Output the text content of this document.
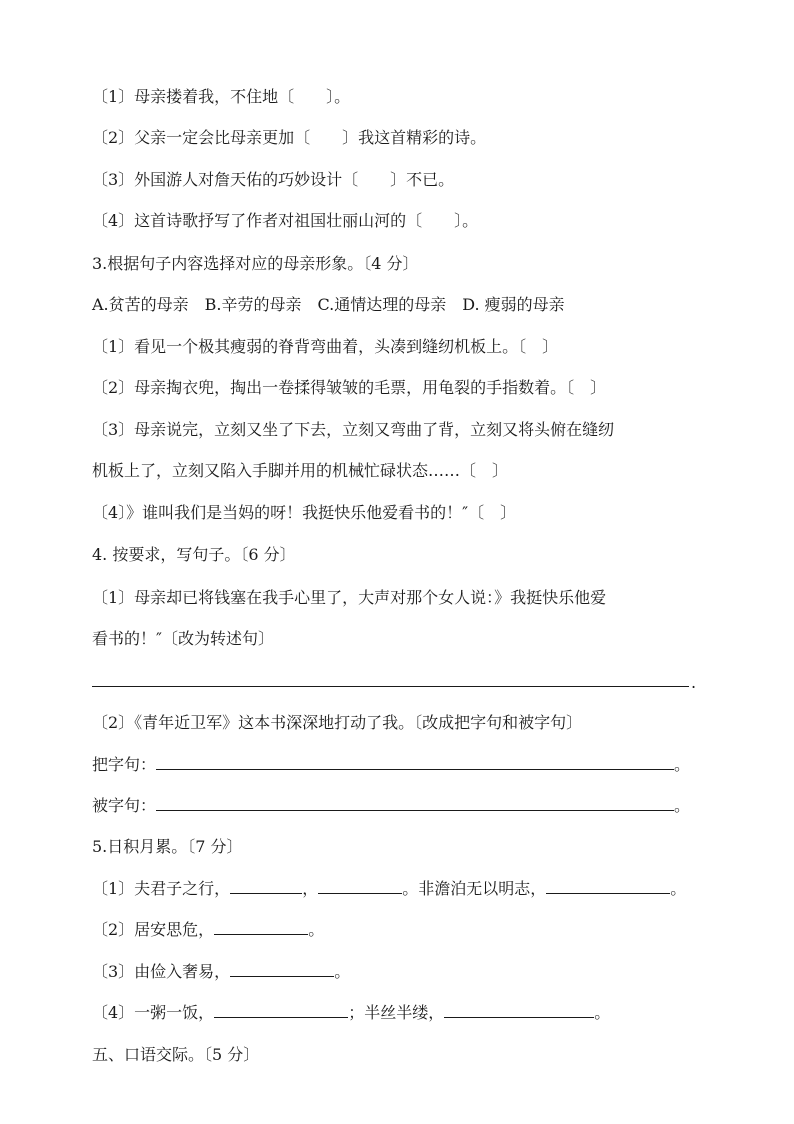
〔1〕母亲搂着我，不住地〔　　〕。
〔2〕父亲一定会比母亲更加〔　　〕我这首精彩的诗。
〔3〕外国游人对詹天佑的巧妙设计〔　　〕不已。
〔4〕这首诗歌抒写了作者对祖国壮丽山河的〔　　〕。
3.根据句子内容选择对应的母亲形象。〔4 分〕
A.贫苦的母亲　B.辛劳的母亲　C.通情达理的母亲　D. 瘦弱的母亲
〔1〕看见一个极其瘦弱的脊背弯曲着，头凑到缝纫机板上。〔　〕
〔2〕母亲掏衣兜，掏出一卷揉得皱皱的毛票，用龟裂的手指数着。〔　〕
〔3〕母亲说完，立刻又坐了下去，立刻又弯曲了背，立刻又将头俯在缝纫
机板上了，立刻又陷入手脚并用的机械忙碌状态……〔　〕
〔4〕》谁叫我们是当妈的呀！我挺快乐他爱看书的！″〔　〕
4. 按要求，写句子。〔6 分〕
〔1〕母亲却已将钱塞在我手心里了，大声对那个女人说：》我挺快乐他爱
看书的！″〔改为转述句〕
.
〔2〕《青年近卫军》这本书深深地打动了我。〔改成把字句和被字句〕
把字句：	。
被字句：	。
5.日积月累。〔7 分〕
〔1〕夫君子之行，	，	。非澹泊无以明志，	。
〔2〕居安思危，	。
〔3〕由俭入奢易，	。
〔4〕一粥一饭，	；半丝半缕，	。
五、口语交际。〔5 分〕
